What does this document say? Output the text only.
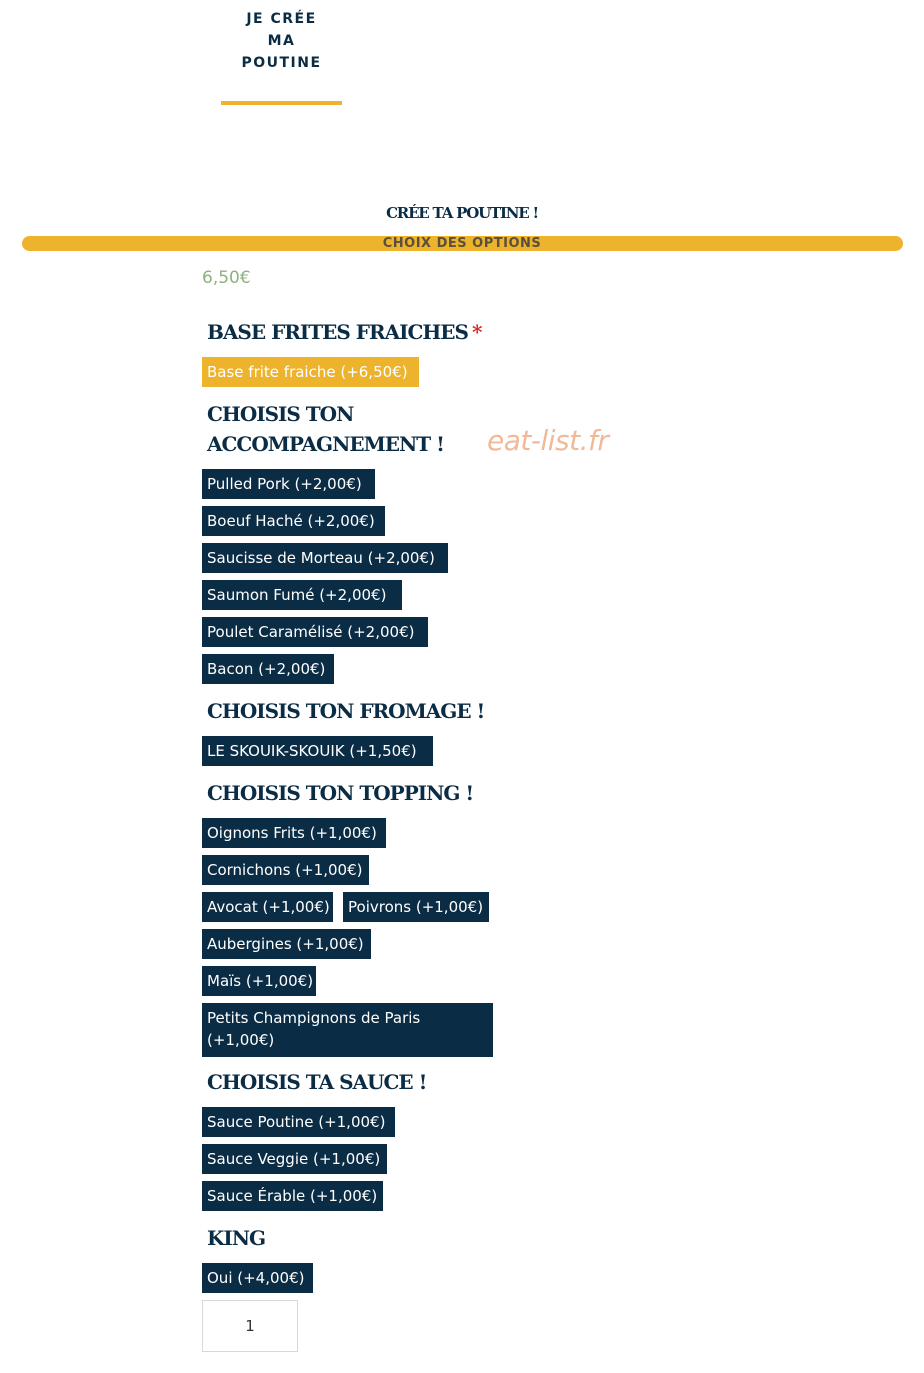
JE CRÉE
MA
POUTINE
CRÉE TA POUTINE !
CHOIX DES OPTIONS
6,50€
BASE FRITES FRAICHES *
Base frite fraiche (+6,50€)
CHOISIS TON
ACCOMPAGNEMENT ! eat-list.fr
Pulled Pork (+2,00€)
Boeuf Haché (+2,00€)
Saucisse de Morteau (+2,00€)
Saumon Fumé (+2,00€)
Poulet Caramélisé (+2,00€)
Bacon (+2,00€)
CHOISIS TON FROMAGE !
LE SKOUIK-SKOUIK (+1,50€)
CHOISIS TON TOPPING !
Oignons Frits (+1,00€)
Cornichons (+1,00€)
Avocat (+1,00€)	Poivrons (+1,00€)
Aubergines (+1,00€)
Maïs (+1,00€)
Petits Champignons de Paris (+1,00€)
CHOISIS TA SAUCE !
Sauce Poutine (+1,00€)
Sauce Veggie (+1,00€)
Sauce Érable (+1,00€)
KING
Oui (+4,00€)
1
